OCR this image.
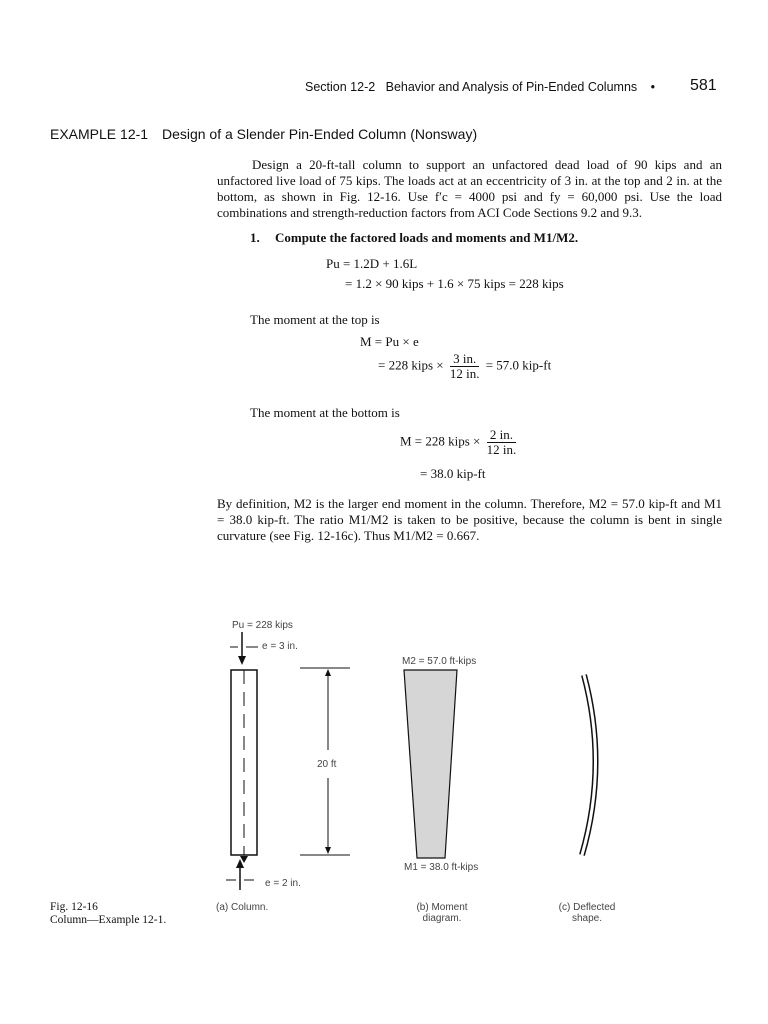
Section 12-2 Behavior and Analysis of Pin-Ended Columns •	581
EXAMPLE 12-1 Design of a Slender Pin-Ended Column (Nonsway)
Design a 20-ft-tall column to support an unfactored dead load of 90 kips and an unfactored live load of 75 kips. The loads act at an eccentricity of 3 in. at the top and 2 in. at the bottom, as shown in Fig. 12-16. Use f′c = 4000 psi and fy = 60,000 psi. Use the load combinations and strength-reduction factors from ACI Code Sections 9.2 and 9.3.
1. Compute the factored loads and moments and M1/M2.
Pu = 1.2D + 1.6L
= 1.2 × 90 kips + 1.6 × 75 kips = 228 kips
The moment at the top is
M = Pu × e
= 228 kips × $\frac{3 in.}{12 in.} = 57.0$ kip-ft
The moment at the bottom is
M = 228 kips × $\frac{2 in.}{12 in.}$
= 38.0 kip-ft
By definition, M2 is the larger end moment in the column. Therefore, M2 = 57.0 kip-ft and M1 = 38.0 kip-ft. The ratio M1/M2 is taken to be positive, because the column is bent in single curvature (see Fig. 12-16c). Thus M1/M2 = 0.667.
Pu = 228 kips
e = 3 in.
e = 2 in.
20 ft
M2 = 57.0 ft-kips
M1 = 38.0 ft-kips
(a) Column.	(b) Moment
diagram.
(c) Deflected
shape.
Fig. 12-16
Column—Example 12-1.
